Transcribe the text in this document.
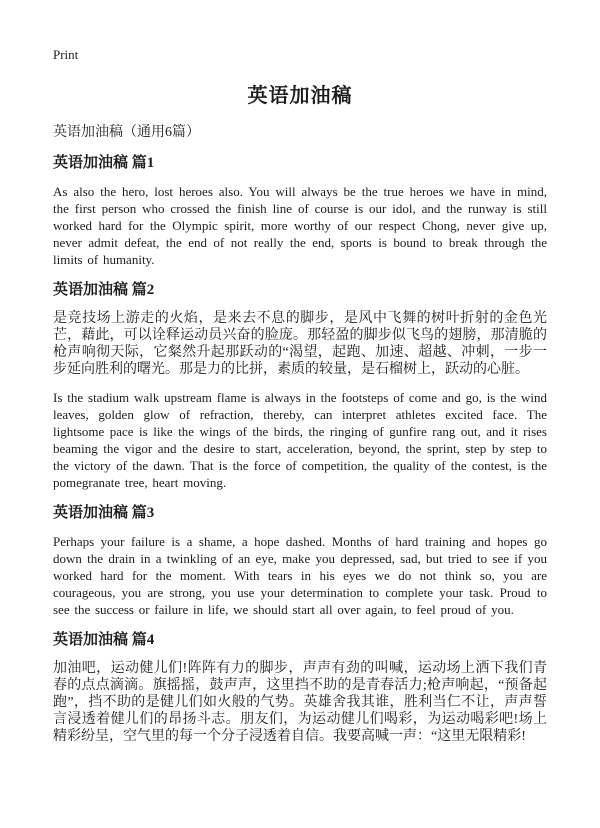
Print
英语加油稿
英语加油稿（通用6篇）
英语加油稿 篇1

As also the hero, lost heroes also. You will always be the true heroes we have in mind, the first person who crossed the finish line of course is our idol, and the runway is still worked hard for the Olympic spirit, more worthy of our respect Chong, never give up, never admit defeat, the end of not really the end, sports is bound to break through the limits of humanity.

英语加油稿 篇2

是竞技场上游走的火焰，是来去不息的脚步，是风中飞舞的树叶折射的金色光芒，藉此，可以诠释运动员兴奋的脸庞。那轻盈的脚步似飞鸟的翅膀，那清脆的枪声响彻天际，它粲然升起那跃动的“渴望，起跑、加速、超越、冲刺，一步一步延向胜利的曙光。那是力的比拼，素质的较量，是石榴树上，跃动的心脏。

Is the stadium walk upstream flame is always in the footsteps of come and go, is the wind leaves, golden glow of refraction, thereby, can interpret athletes excited face. The lightsome pace is like the wings of the birds, the ringing of gunfire rang out, and it rises beaming the vigor and the desire to start, acceleration, beyond, the sprint, step by step to the victory of the dawn. That is the force of competition, the quality of the contest, is the pomegranate tree, heart moving.

英语加油稿 篇3

Perhaps your failure is a shame, a hope dashed. Months of hard training and hopes go down the drain in a twinkling of an eye, make you depressed, sad, but tried to see if you worked hard for the moment. With tears in his eyes we do not think so, you are courageous, you are strong, you use your determination to complete your task. Proud to see the success or failure in life, we should start all over again, to feel proud of you.

英语加油稿 篇4

加油吧，运动健儿们!阵阵有力的脚步，声声有劲的叫喊，运动场上洒下我们青春的点点滴滴。旗摇摇，鼓声声，这里挡不助的是青春活力;枪声响起，“预备起跑”，挡不助的是健儿们如火般的气势。英雄舍我其谁，胜利当仁不让，声声誓言浸透着健儿们的昂扬斗志。朋友们，为运动健儿们喝彩，为运动喝彩吧!场上精彩纷呈，空气里的每一个分子浸透着自信。我要高喊一声：“这里无限精彩!
